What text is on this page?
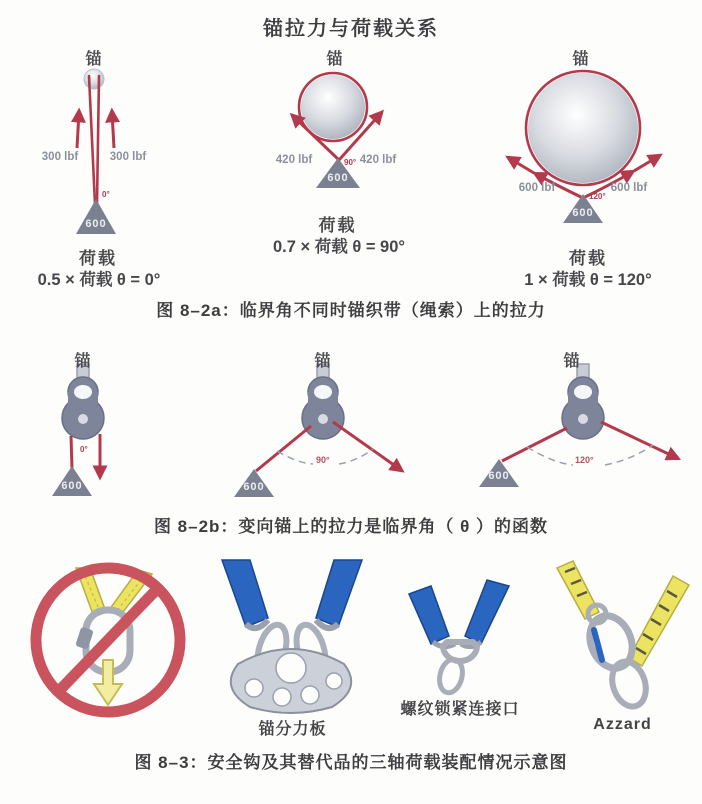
锚拉力与荷载关系
锚
300 lbf	300 lbf
0°
600
荷载
0.5 × 荷载 θ = 0°
锚
420 lbf	420 lbf
90°
600
荷载
0.7 × 荷载 θ = 90°
锚
600 lbf	600 lbf
120°
600
荷载
1 × 荷载 θ = 120°
图 8–2a：临界角不同时锚织带（绳索）上的拉力
锚
0°
600
锚
90°
600
锚
120°
600
图 8–2b：变向锚上的拉力是临界角（ θ ）的函数
锚分力板
螺纹锁紧连接口
Azzard
图 8–3：安全钩及其替代品的三轴荷载装配情况示意图
